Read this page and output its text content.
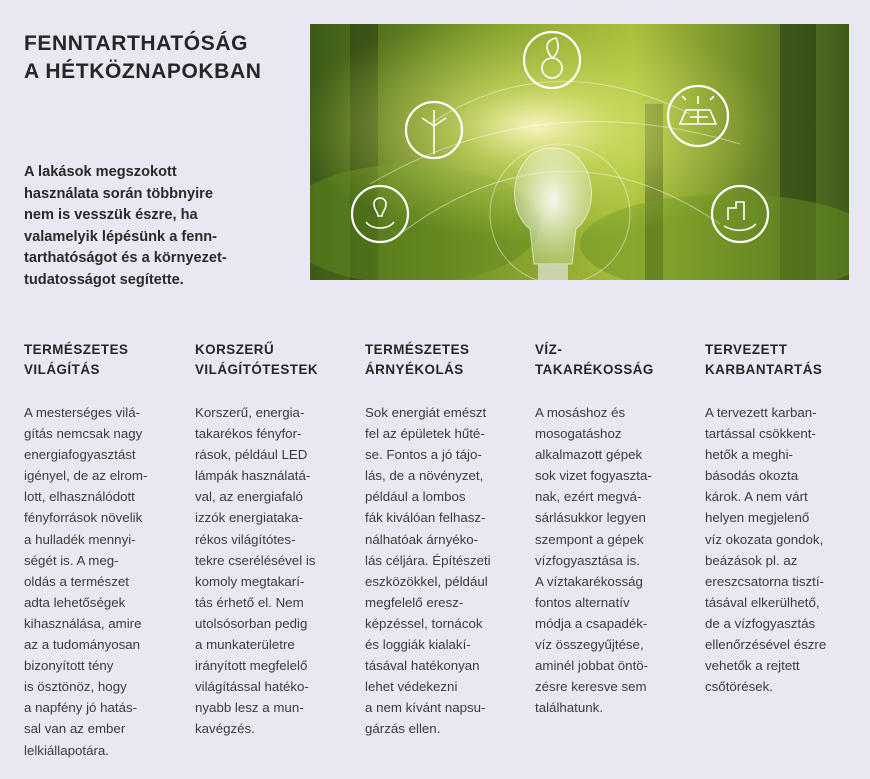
FENNTARTHATÓSÁG
A HÉTKÖZNAPOKBAN

A lakások megszokott
használata során többnyire
nem is vesszük észre, ha
valamelyik lépésünk a fenn-
tarthatóságot és a környezet-
tudatosságot segítette.

TERMÉSZETES
VILÁGÍTÁS

A mesterséges vilá-
gítás nemcsak nagy
energiafogyasztást
igényel, de az elrom-
lott, elhasználódott
fényforrások növelik
a hulladék mennyi-
ségét is. A meg-
oldás a természet
adta lehetőségek
kihasználása, amire
az a tudományosan
bizonyított tény
is ösztönöz, hogy
a napfény jó hatás-
sal van az ember
lelkiállapotára.

KORSZERŰ
VILÁGÍTÓTESTEK

Korszerű, energia-
takarékos fényfor-
rások, például LED
lámpák használatá-
val, az energiafaló
izzók energiataka-
rékos világítótes-
tekre cserélésével is
komoly megtakarí-
tás érhető el. Nem
utolsósorban pedig
a munkaterületre
irányított megfelelő
világítással hatéko-
nyabb lesz a mun-
kavégzés.

TERMÉSZETES
ÁRNYÉKOLÁS

Sok energiát emészt
fel az épületek hűté-
se. Fontos a jó tájo-
lás, de a növényzet,
például a lombos
fák kiválóan felhasz-
nálhatóak árnyéko-
lás céljára. Építészeti
eszközökkel, például
megfelelő eresz-
képzéssel, tornácok
és loggiák kialakí-
tásával hatékonyan
lehet védekezni
a nem kívánt napsu-
gárzás ellen.

VÍZ-
TAKARÉKOSSÁG

A mosáshoz és
mosogatáshoz
alkalmazott gépek
sok vizet fogyaszta-
nak, ezért megvá-
sárlásukkor legyen
szempont a gépek
vízfogyasztása is.
A víztakarékosság
fontos alternatív
módja a csapadék-
víz összegyűjtése,
aminél jobbat öntö-
zésre keresve sem
találhatunk.

TERVEZETT
KARBANTARTÁS

A tervezett karban-
tartással csökkent-
hetők a meghi-
básodás okozta
károk. A nem várt
helyen megjelenő
víz okozata gondok,
beázások pl. az
ereszcsatorna tisztí-
tásával elkerülhető,
de a vízfogyasztás
ellenőrzésével észre
vehetők a rejtett
csőtörések.
